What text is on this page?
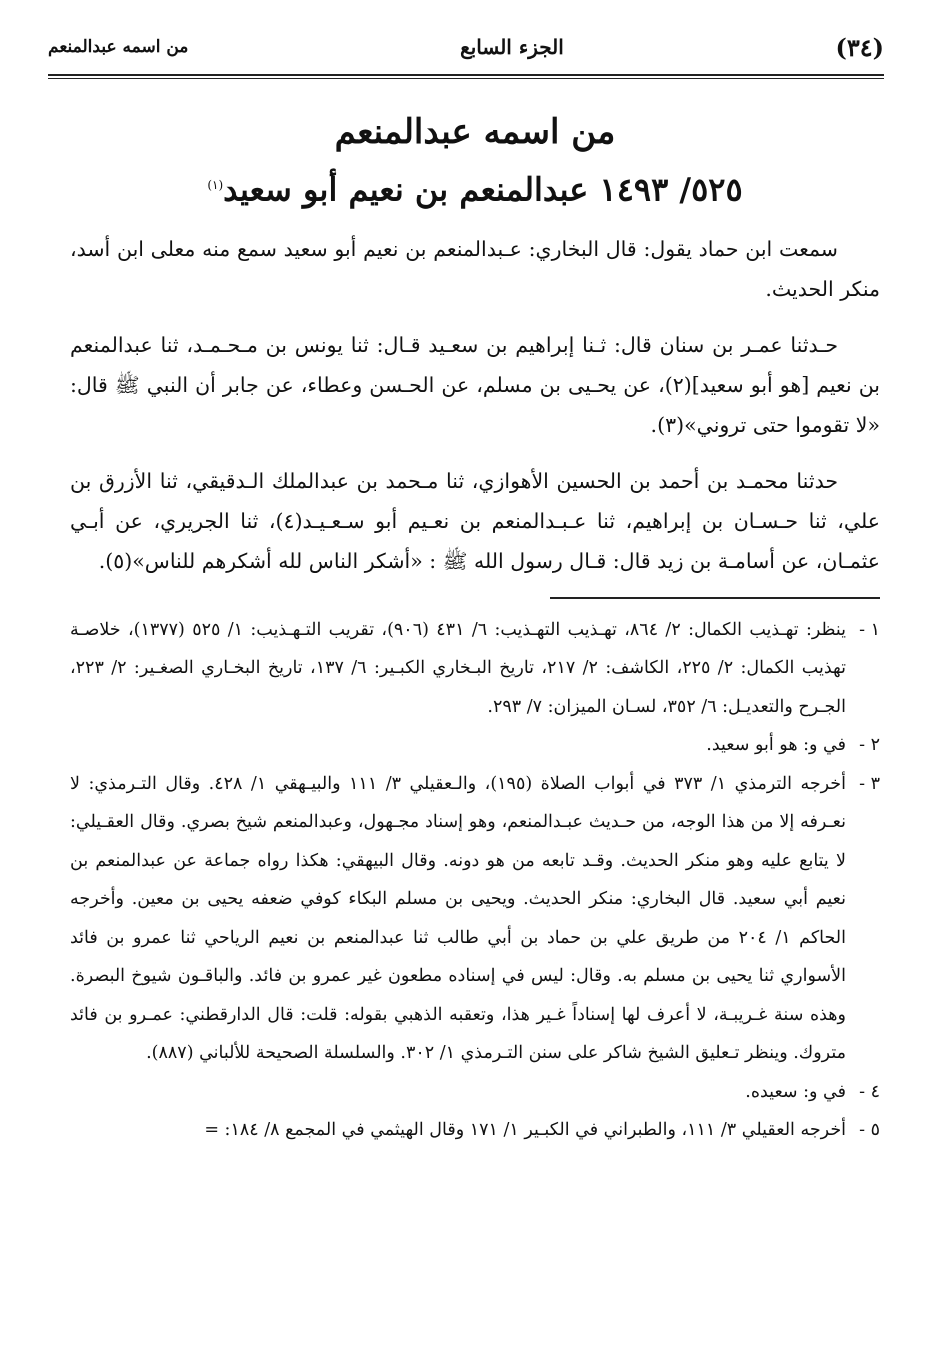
(٣٤)
الجزء السابع
من اسمه عبدالمنعم
من اسمه عبدالمنعم
٥٢٥/ ١٤٩٣ عبدالمنعم بن نعيم أبو سعيد$^{(١)}$

سمعت ابن حماد يقول: قال البخاري: عـبدالمنعم بن نعيم أبو سعيد سمع منه معلى ابن أسد، منكر الحديث.

حـدثنا عمـر بن سنان قال: ثـنا إبراهيم بن سعـيد قـال: ثنا يونس بن مـحـمـد، ثنا عبدالمنعم بن نعيم [هو أبو سعيد](٢)، عن يحـيى بن مسلم، عن الحـسن وعطاء، عن جابر أن النبي ﷺ قال: «لا تقوموا حتى تروني»(٣).

حدثنا محمـد بن أحمد بن الحسين الأهوازي، ثنا مـحمد بن عبدالملك الـدقيقي، ثنا الأزرق بن علي، ثنا حـسـان بن إبراهيم، ثنا عـبـدالمنعم بن نعـيم أبو سـعـيـد(٤)، ثنا الجريري، عن أبـي عثمـان، عن أسامـة بن زيد قال: قـال رسول الله ﷺ : «أشكر الناس لله أشكرهم للناس»(٥).

١ -
ينظر: تهـذيب الكمال: ٢/ ٨٦٤، تهـذيب التهـذيب: ٦/ ٤٣١ (٩٠٦)، تقريب التـهـذيب: ١/ ٥٢٥ (١٣٧٧)، خلاصـة تهذيب الكمال: ٢/ ٢٢٥، الكاشف: ٢/ ٢١٧، تاريخ البـخاري الكبـير: ٦/ ١٣٧، تاريخ البخـاري الصغـير: ٢/ ٢٢٣، الجـرح والتعديـل: ٦/ ٣٥٢، لسـان الميزان: ٧/ ٢٩٣.
٢ -
في و: هو أبو سعيد.
٣ -
أخرجه الترمذي ١/ ٣٧٣ في أبواب الصلاة (١٩٥)، والـعقيلي ٣/ ١١١ والبيـهقي ١/ ٤٢٨. وقال التـرمذي: لا نعـرفه إلا من هذا الوجه، من حـديث عبـدالمنعم، وهو إسناد مجـهول، وعبدالمنعم شيخ بصري. وقال العقـيلي: لا يتابع عليه وهو منكر الحديث. وقـد تابعه من هو دونه. وقال البيهقي: هكذا رواه جماعة عن عبدالمنعم بن نعيم أبي سعيد. قال البخاري: منكر الحديث. ويحيى بن مسلم البكاء كوفي ضعفه يحيى بن معين. وأخرجه الحاكم ١/ ٢٠٤ من طريق علي بن حماد بن أبي طالب ثنا عبدالمنعم بن نعيم الرياحي ثنا عمرو بن فائد الأسواري ثنا يحيى بن مسلم به. وقال: ليس في إسناده مطعون غير عمرو بن فائد. والباقـون شيوخ البصرة. وهذه سنة غـريبـة، لا أعرف لها إسناداً غـير هذا، وتعقبه الذهبي بقوله: قلت: قال الدارقطني: عمـرو بن فائد متروك. وينظر تـعليق الشيخ شاكر على سنن التـرمذي ١/ ٣٠٢. والسلسلة الصحيحة للألباني (٨٨٧).
٤ -
في و: سعيده.
٥ -
أخرجه العقيلي ٣/ ١١١، والطبراني في الكبـير ١/ ١٧١ وقال الهيثمي في المجمع ٨/ ١٨٤: =
